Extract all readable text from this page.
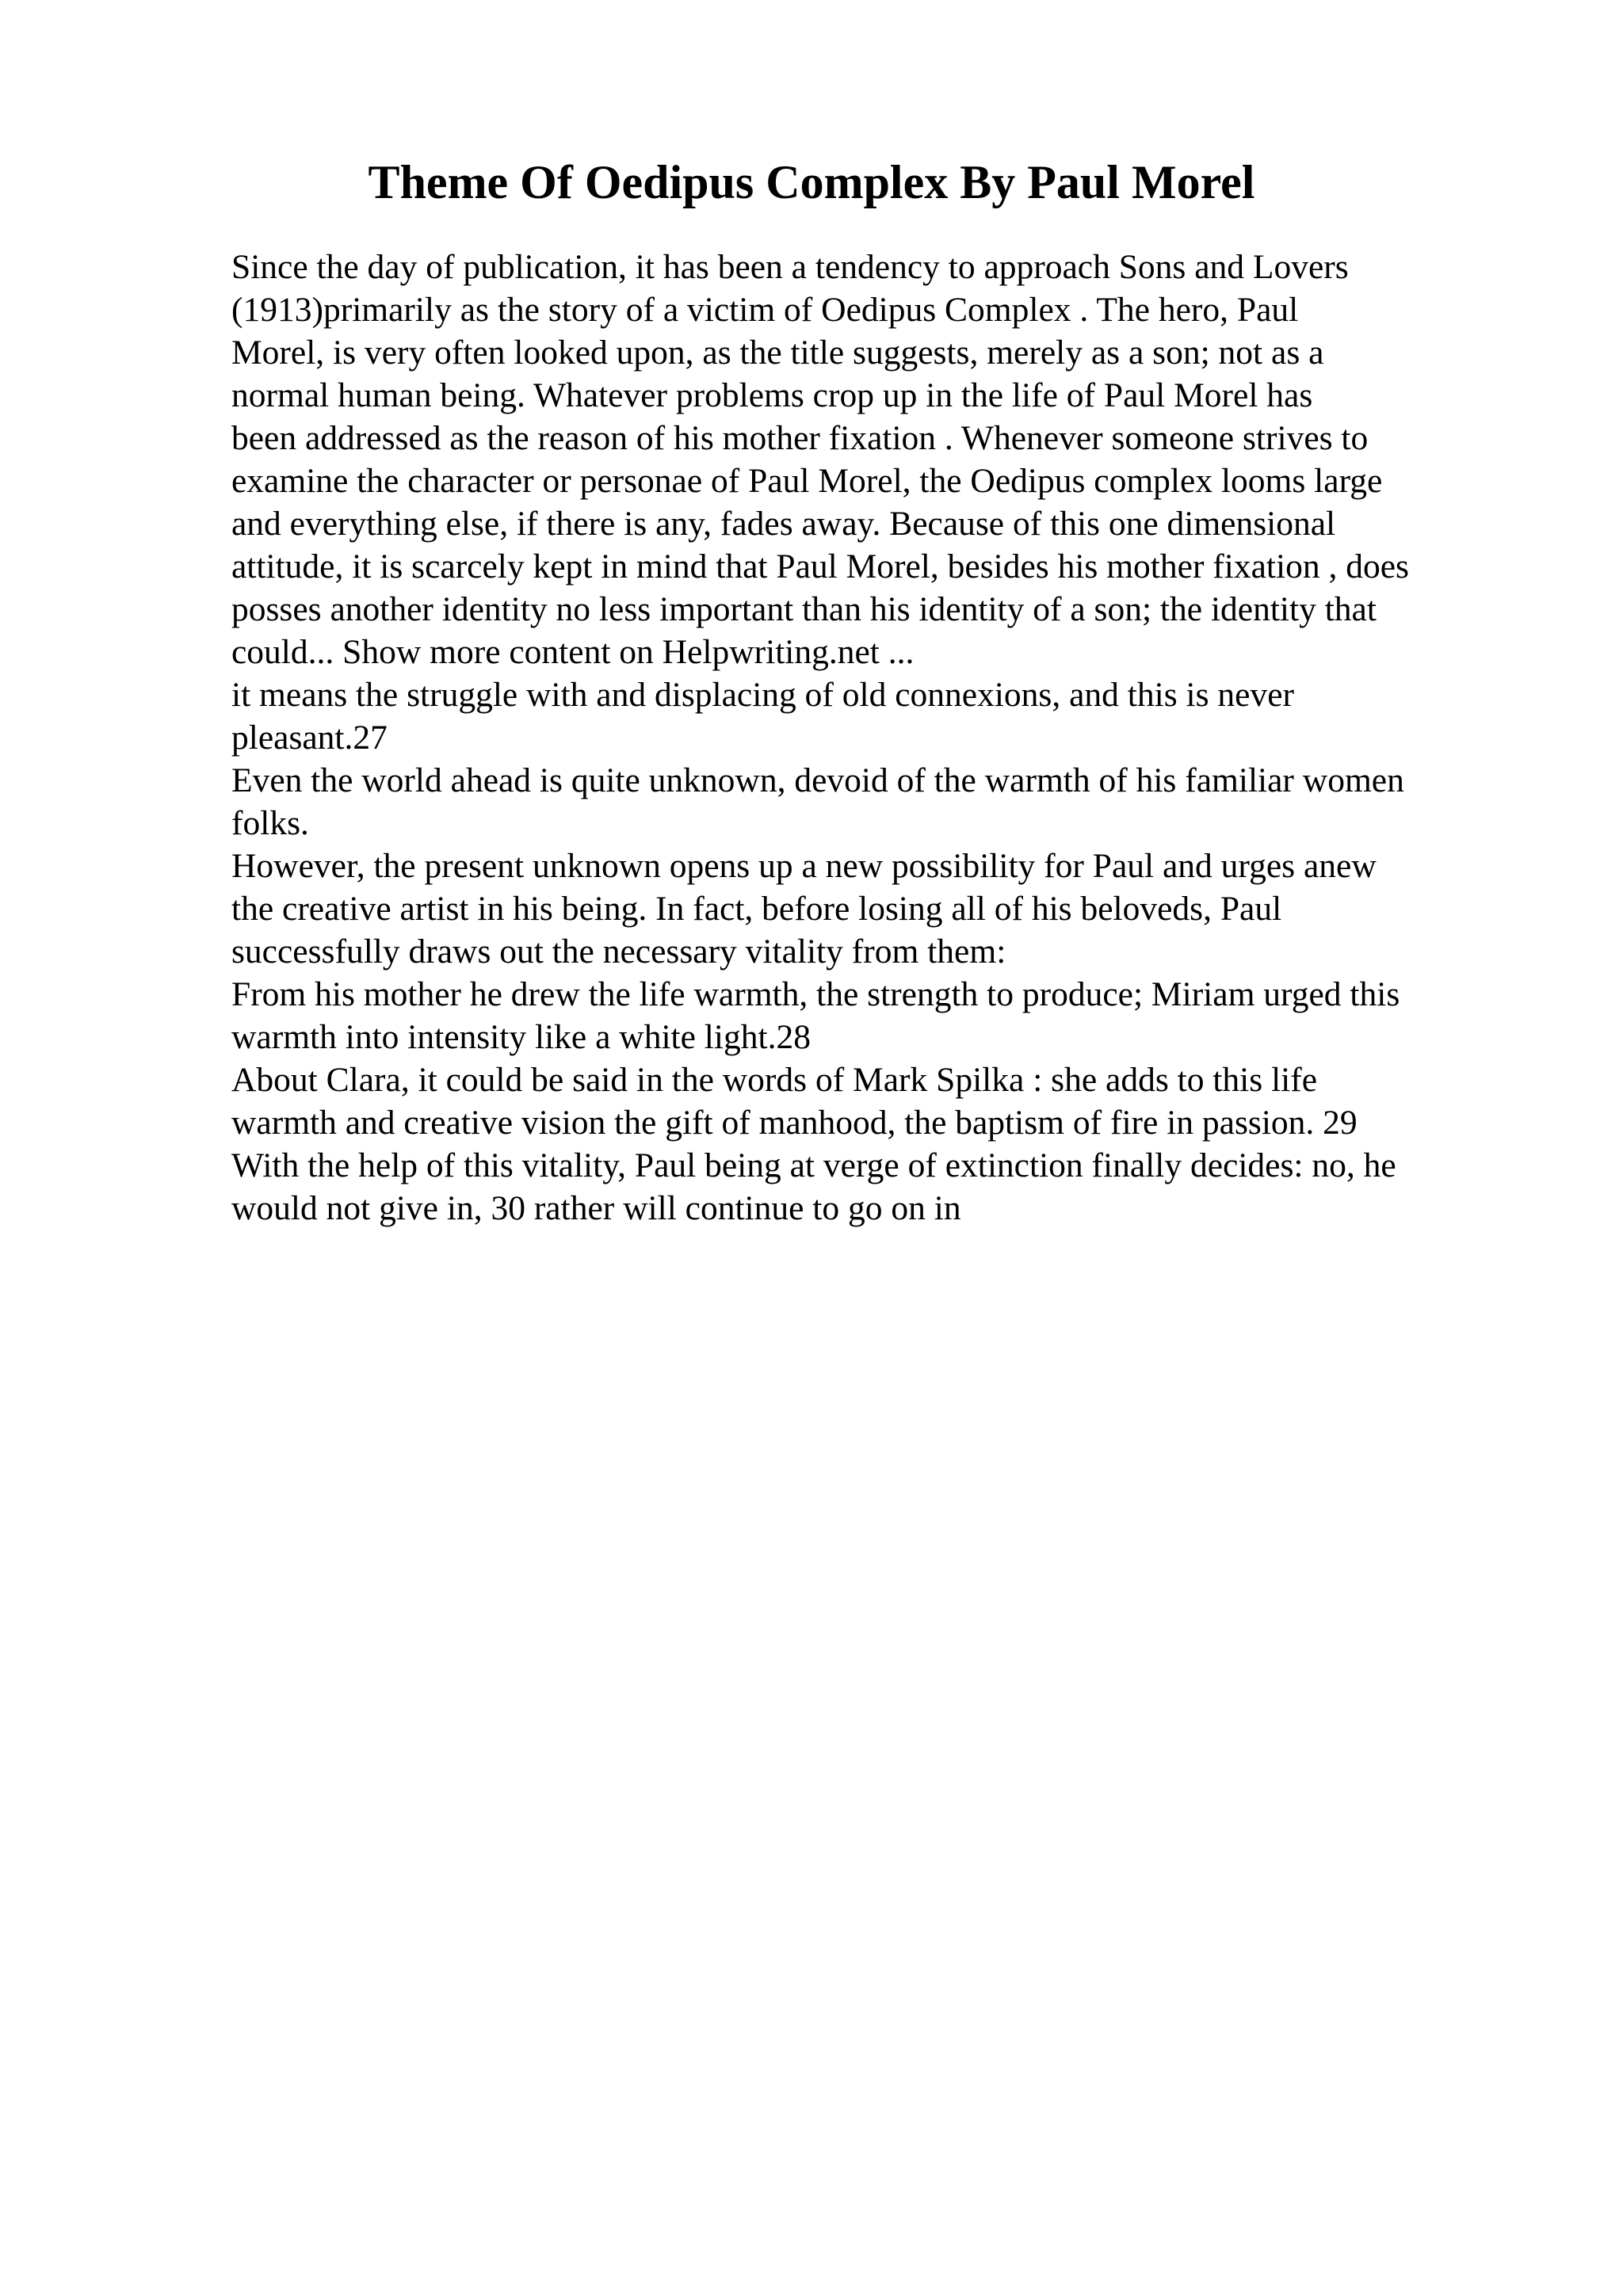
Theme Of Oedipus Complex By Paul Morel
Since the day of publication, it has been a tendency to approach Sons and Lovers
(1913)primarily as the story of a victim of Oedipus Complex . The hero, Paul
Morel, is very often looked upon, as the title suggests, merely as a son; not as a
normal human being. Whatever problems crop up in the life of Paul Morel has
been addressed as the reason of his mother fixation . Whenever someone strives to
examine the character or personae of Paul Morel, the Oedipus complex looms large
and everything else, if there is any, fades away. Because of this one dimensional
attitude, it is scarcely kept in mind that Paul Morel, besides his mother fixation , does
posses another identity no less important than his identity of a son; the identity that
could... Show more content on Helpwriting.net ...
it means the struggle with and displacing of old connexions, and this is never
pleasant.27
Even the world ahead is quite unknown, devoid of the warmth of his familiar women
folks.
However, the present unknown opens up a new possibility for Paul and urges anew
the creative artist in his being. In fact, before losing all of his beloveds, Paul
successfully draws out the necessary vitality from them:
From his mother he drew the life warmth, the strength to produce; Miriam urged this
warmth into intensity like a white light.28
About Clara, it could be said in the words of Mark Spilka : she adds to this life
warmth and creative vision the gift of manhood, the baptism of fire in passion. 29
With the help of this vitality, Paul being at verge of extinction finally decides: no, he
would not give in, 30 rather will continue to go on in
